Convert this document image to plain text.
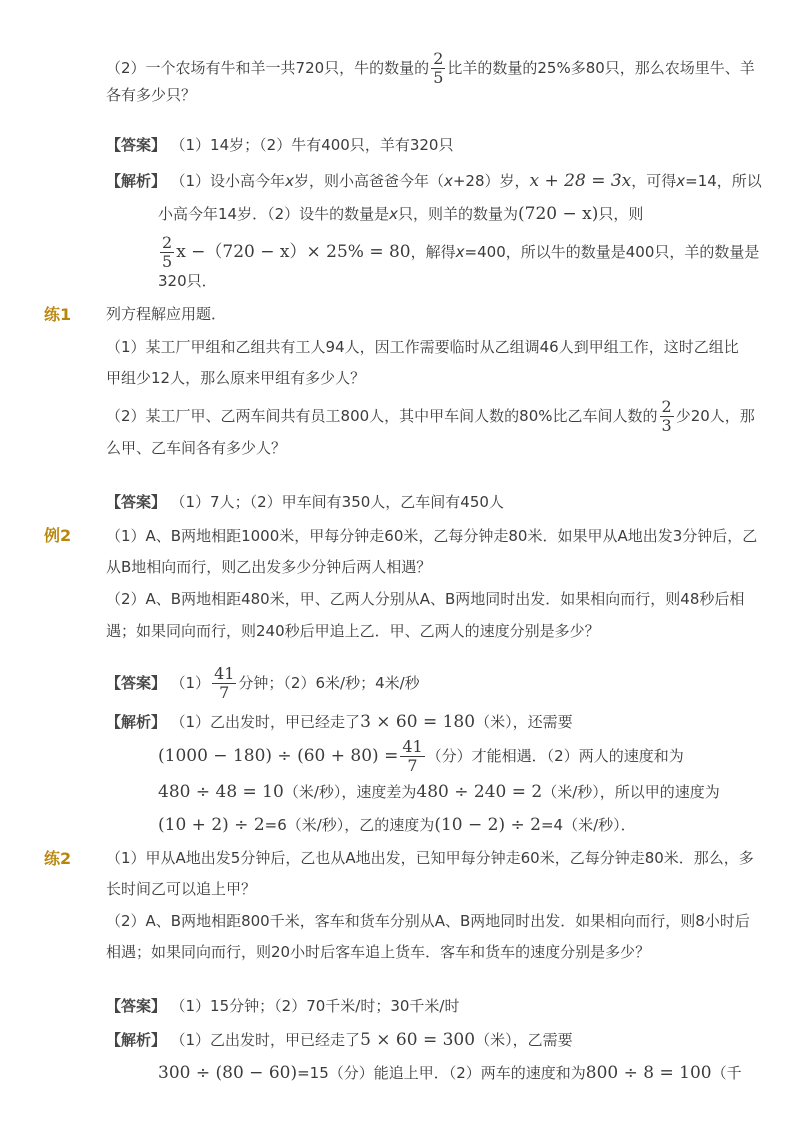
（2）一个农场有牛和羊一共720只，牛的数量的 $\frac{2}{5}$ 比羊的数量的25%多80只，那么农场里牛、羊
各有多少只？
【答案】 （1）14岁；（2）牛有400只，羊有320只
【解析】 （1）设小高今年x岁，则小高爸爸今年（x+28）岁，x + 28 = 3x，可得x=14，所以
小高今年14岁．（2）设牛的数量是x只，则羊的数量为(720 − x)只，则
$\frac{2}{5}$ x −（720 − x）× 25% = 80，解得x=400，所以牛的数量是400只，羊的数量是
320只．
练1 列方程解应用题．
（1）某工厂甲组和乙组共有工人94人，因工作需要临时从乙组调46人到甲组工作，这时乙组比
甲组少12人，那么原来甲组有多少人？
（2）某工厂甲、乙两车间共有员工800人，其中甲车间人数的80%比乙车间人数的 $\frac{2}{3}$ 少20人，那
么甲、乙车间各有多少人？
【答案】 （1）7人；（2）甲车间有350人，乙车间有450人
例2 （1）A、B两地相距1000米，甲每分钟走60米，乙每分钟走80米．如果甲从A地出发3分钟后，乙
从B地相向而行，则乙出发多少分钟后两人相遇？
（2）A、B两地相距480米，甲、乙两人分别从A、B两地同时出发．如果相向而行，则48秒后相
遇；如果同向而行，则240秒后甲追上乙．甲、乙两人的速度分别是多少？
【答案】 $(1) \frac{41}{7}$ 分钟；（2）6米/秒；4米/秒
【解析】 （1）乙出发时，甲已经走了3 × 60 = 180（米），还需要
$(1000 - 180) \div (60 + 80) = \frac{41}{7}$ （分）才能相遇．（2）两人的速度和为
480 ÷ 48 = 10（米/秒），速度差为480 ÷ 240 = 2（米/秒），所以甲的速度为
(10 + 2) ÷ 2=6（米/秒），乙的速度为(10 − 2) ÷ 2=4（米/秒）．
练2 （1）甲从A地出发5分钟后，乙也从A地出发，已知甲每分钟走60米，乙每分钟走80米．那么，多
长时间乙可以追上甲？
（2）A、B两地相距800千米，客车和货车分别从A、B两地同时出发．如果相向而行，则8小时后
相遇；如果同向而行，则20小时后客车追上货车．客车和货车的速度分别是多少？
【答案】 （1）15分钟；（2）70千米/时；30千米/时
【解析】 （1）乙出发时，甲已经走了5 × 60 = 300（米），乙需要
300 ÷ (80 − 60)=15（分）能追上甲．（2）两车的速度和为800 ÷ 8 = 100（千
